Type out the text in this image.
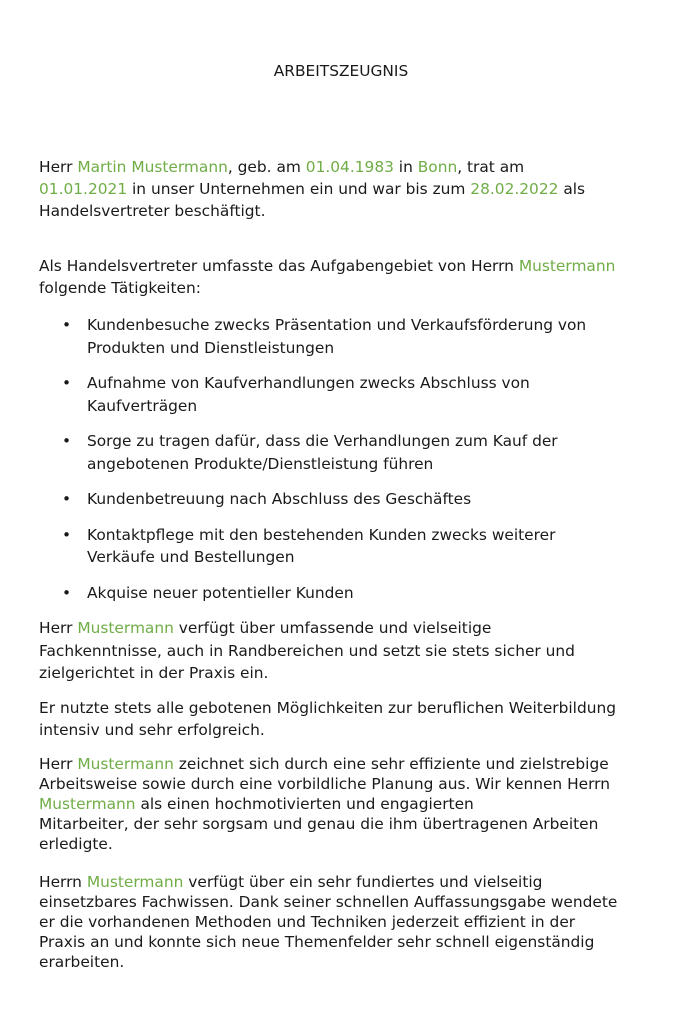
ARBEITSZEUGNIS
Herr Martin Mustermann, geb. am 01.04.1983 in Bonn, trat am
01.01.2021 in unser Unternehmen ein und war bis zum 28.02.2022 als
Handelsvertreter beschäftigt.
Als Handelsvertreter umfasste das Aufgabengebiet von Herrn Mustermann
folgende Tätigkeiten:
• Kundenbesuche zwecks Präsentation und Verkaufsförderung von
Produkten und Dienstleistungen
• Aufnahme von Kaufverhandlungen zwecks Abschluss von
Kaufverträgen
• Sorge zu tragen dafür, dass die Verhandlungen zum Kauf der
angebotenen Produkte/Dienstleistung führen
• Kundenbetreuung nach Abschluss des Geschäftes
• Kontaktpflege mit den bestehenden Kunden zwecks weiterer
Verkäufe und Bestellungen
• Akquise neuer potentieller Kunden
Herr Mustermann verfügt über umfassende und vielseitige
Fachkenntnisse, auch in Randbereichen und setzt sie stets sicher und
zielgerichtet in der Praxis ein.
Er nutzte stets alle gebotenen Möglichkeiten zur beruflichen Weiterbildung
intensiv und sehr erfolgreich.
Herr Mustermann zeichnet sich durch eine sehr effiziente und zielstrebige
Arbeitsweise sowie durch eine vorbildliche Planung aus. Wir kennen Herrn
Mustermann als einen hochmotivierten und engagierten
Mitarbeiter, der sehr sorgsam und genau die ihm übertragenen Arbeiten
erledigte.
Herrn Mustermann verfügt über ein sehr fundiertes und vielseitig
einsetzbares Fachwissen. Dank seiner schnellen Auffassungsgabe wendete
er die vorhandenen Methoden und Techniken jederzeit effizient in der
Praxis an und konnte sich neue Themenfelder sehr schnell eigenständig
erarbeiten.
